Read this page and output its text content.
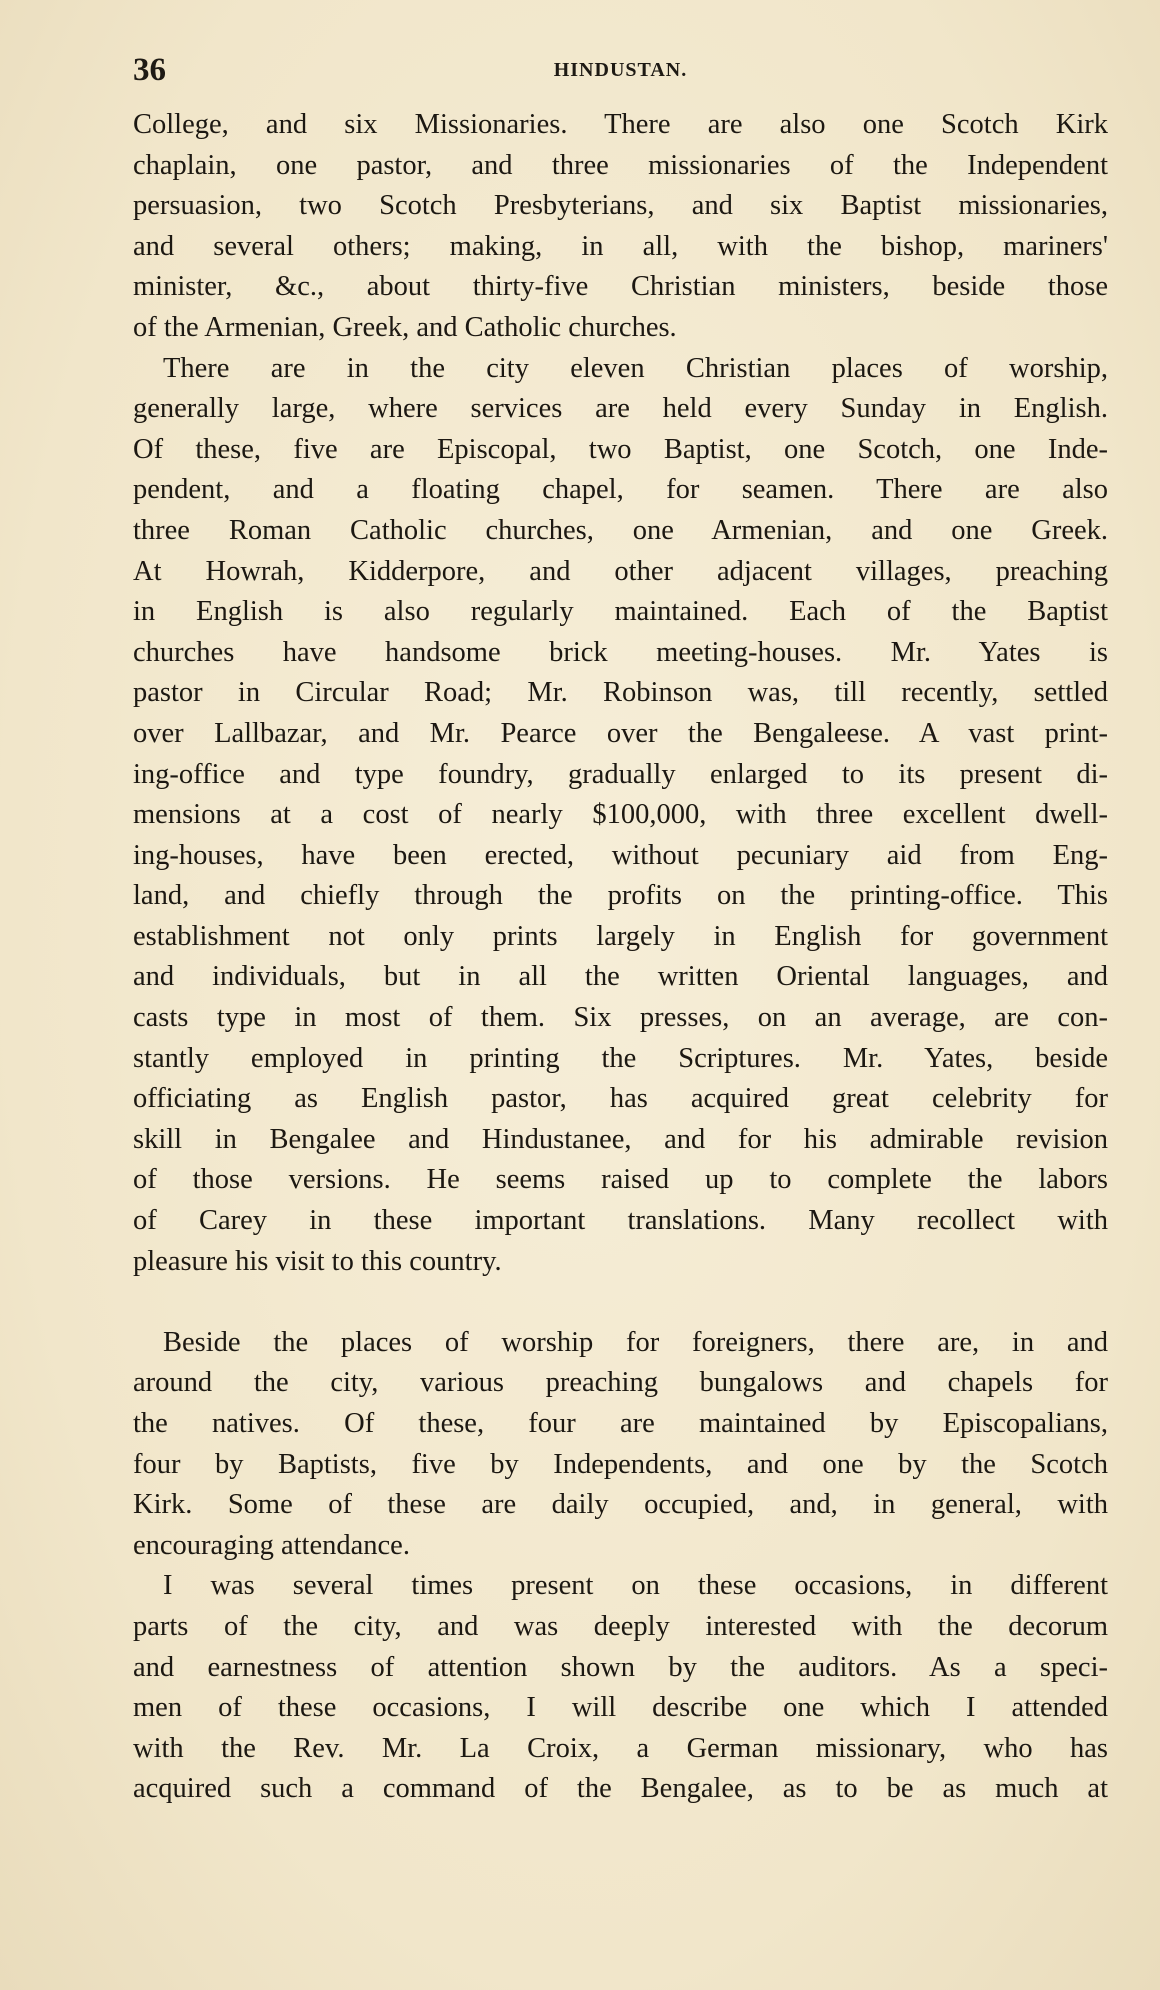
36	HINDUSTAN.
College, and six Missionaries. There are also one Scotch Kirk
chaplain, one pastor, and three missionaries of the Independent
persuasion, two Scotch Presbyterians, and six Baptist missionaries,
and several others; making, in all, with the bishop, mariners'
minister, &c., about thirty-five Christian ministers, beside those
of the Armenian, Greek, and Catholic churches.
There are in the city eleven Christian places of worship,
generally large, where services are held every Sunday in English.
Of these, five are Episcopal, two Baptist, one Scotch, one Inde-
pendent, and a floating chapel, for seamen. There are also
three Roman Catholic churches, one Armenian, and one Greek.
At Howrah, Kidderpore, and other adjacent villages, preaching
in English is also regularly maintained. Each of the Baptist
churches have handsome brick meeting-houses. Mr. Yates is
pastor in Circular Road; Mr. Robinson was, till recently, settled
over Lallbazar, and Mr. Pearce over the Bengaleese. A vast print-
ing-office and type foundry, gradually enlarged to its present di-
mensions at a cost of nearly $100,000, with three excellent dwell-
ing-houses, have been erected, without pecuniary aid from Eng-
land, and chiefly through the profits on the printing-office. This
establishment not only prints largely in English for government
and individuals, but in all the written Oriental languages, and
casts type in most of them. Six presses, on an average, are con-
stantly employed in printing the Scriptures. Mr. Yates, beside
officiating as English pastor, has acquired great celebrity for
skill in Bengalee and Hindustanee, and for his admirable revision
of those versions. He seems raised up to complete the labors
of Carey in these important translations. Many recollect with
pleasure his visit to this country.
Beside the places of worship for foreigners, there are, in and
around the city, various preaching bungalows and chapels for
the natives. Of these, four are maintained by Episcopalians,
four by Baptists, five by Independents, and one by the Scotch
Kirk. Some of these are daily occupied, and, in general, with
encouraging attendance.
I was several times present on these occasions, in different
parts of the city, and was deeply interested with the decorum
and earnestness of attention shown by the auditors. As a speci-
men of these occasions, I will describe one which I attended
with the Rev. Mr. La Croix, a German missionary, who has
acquired such a command of the Bengalee, as to be as much at
